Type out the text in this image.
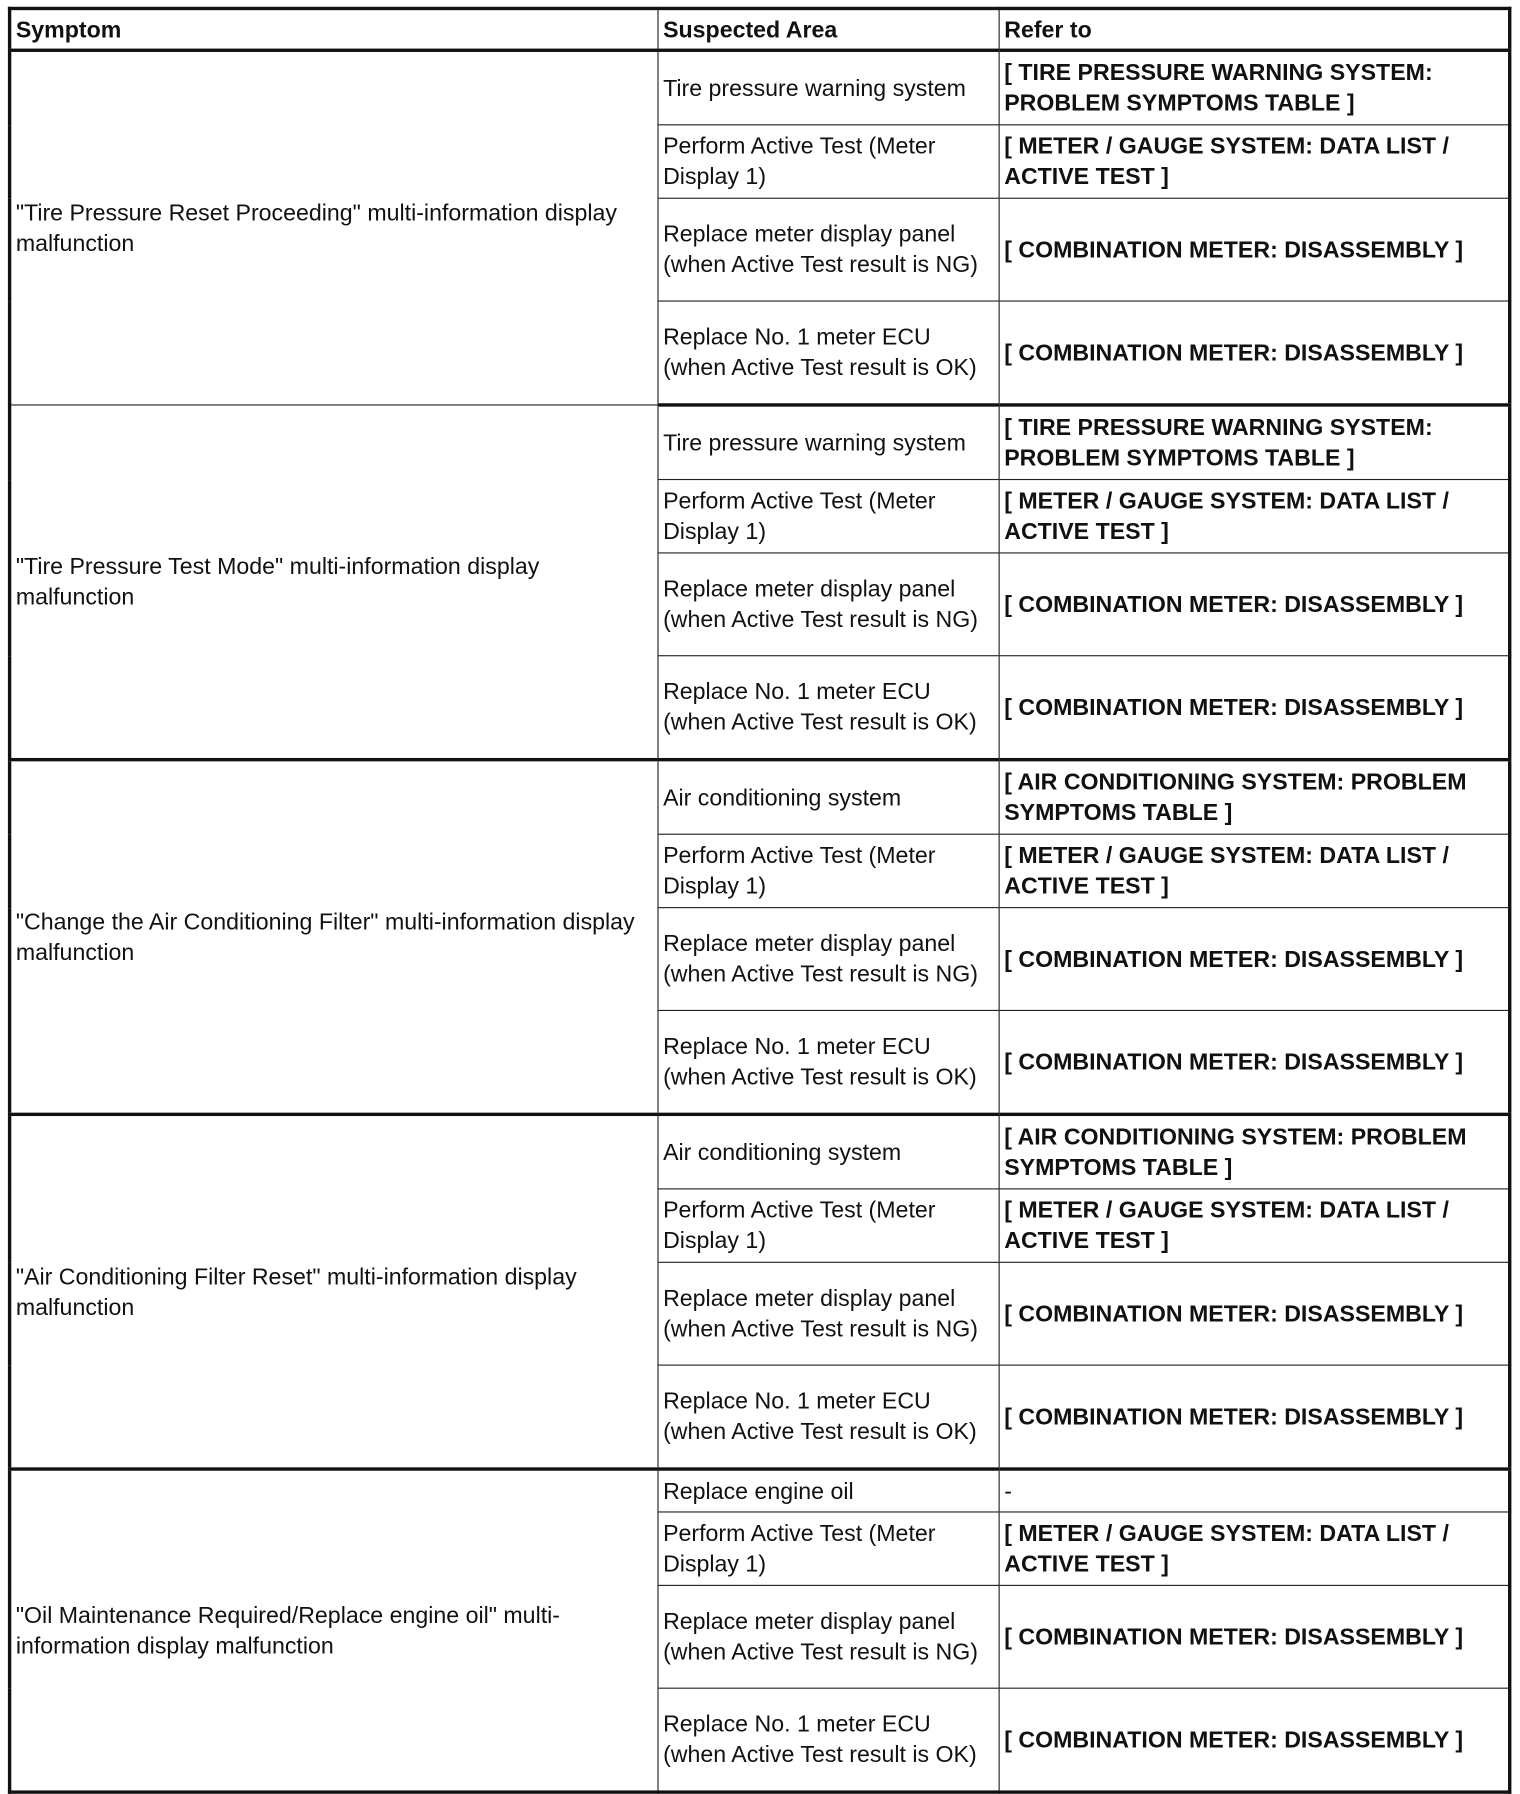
Symptom	Suspected Area	Refer to
"Tire Pressure Reset Proceeding" multi-information display malfunction	Tire pressure warning system	[ TIRE PRESSURE WARNING SYSTEM: PROBLEM SYMPTOMS TABLE ]
	Perform Active Test (Meter Display 1)	[ METER / GAUGE SYSTEM: DATA LIST / ACTIVE TEST ]
	Replace meter display panel (when Active Test result is NG)	[ COMBINATION METER: DISASSEMBLY ]
	Replace No. 1 meter ECU (when Active Test result is OK)	[ COMBINATION METER: DISASSEMBLY ]
"Tire Pressure Test Mode" multi-information display malfunction	Tire pressure warning system	[ TIRE PRESSURE WARNING SYSTEM: PROBLEM SYMPTOMS TABLE ]
	Perform Active Test (Meter Display 1)	[ METER / GAUGE SYSTEM: DATA LIST / ACTIVE TEST ]
	Replace meter display panel (when Active Test result is NG)	[ COMBINATION METER: DISASSEMBLY ]
	Replace No. 1 meter ECU (when Active Test result is OK)	[ COMBINATION METER: DISASSEMBLY ]
"Change the Air Conditioning Filter" multi-information display malfunction	Air conditioning system	[ AIR CONDITIONING SYSTEM: PROBLEM SYMPTOMS TABLE ]
	Perform Active Test (Meter Display 1)	[ METER / GAUGE SYSTEM: DATA LIST / ACTIVE TEST ]
	Replace meter display panel (when Active Test result is NG)	[ COMBINATION METER: DISASSEMBLY ]
	Replace No. 1 meter ECU (when Active Test result is OK)	[ COMBINATION METER: DISASSEMBLY ]
"Air Conditioning Filter Reset" multi-information display malfunction	Air conditioning system	[ AIR CONDITIONING SYSTEM: PROBLEM SYMPTOMS TABLE ]
	Perform Active Test (Meter Display 1)	[ METER / GAUGE SYSTEM: DATA LIST / ACTIVE TEST ]
	Replace meter display panel (when Active Test result is NG)	[ COMBINATION METER: DISASSEMBLY ]
	Replace No. 1 meter ECU (when Active Test result is OK)	[ COMBINATION METER: DISASSEMBLY ]
"Oil Maintenance Required/Replace engine oil" multi-information display malfunction	Replace engine oil	-
	Perform Active Test (Meter Display 1)	[ METER / GAUGE SYSTEM: DATA LIST / ACTIVE TEST ]
	Replace meter display panel (when Active Test result is NG)	[ COMBINATION METER: DISASSEMBLY ]
	Replace No. 1 meter ECU (when Active Test result is OK)	[ COMBINATION METER: DISASSEMBLY ]
